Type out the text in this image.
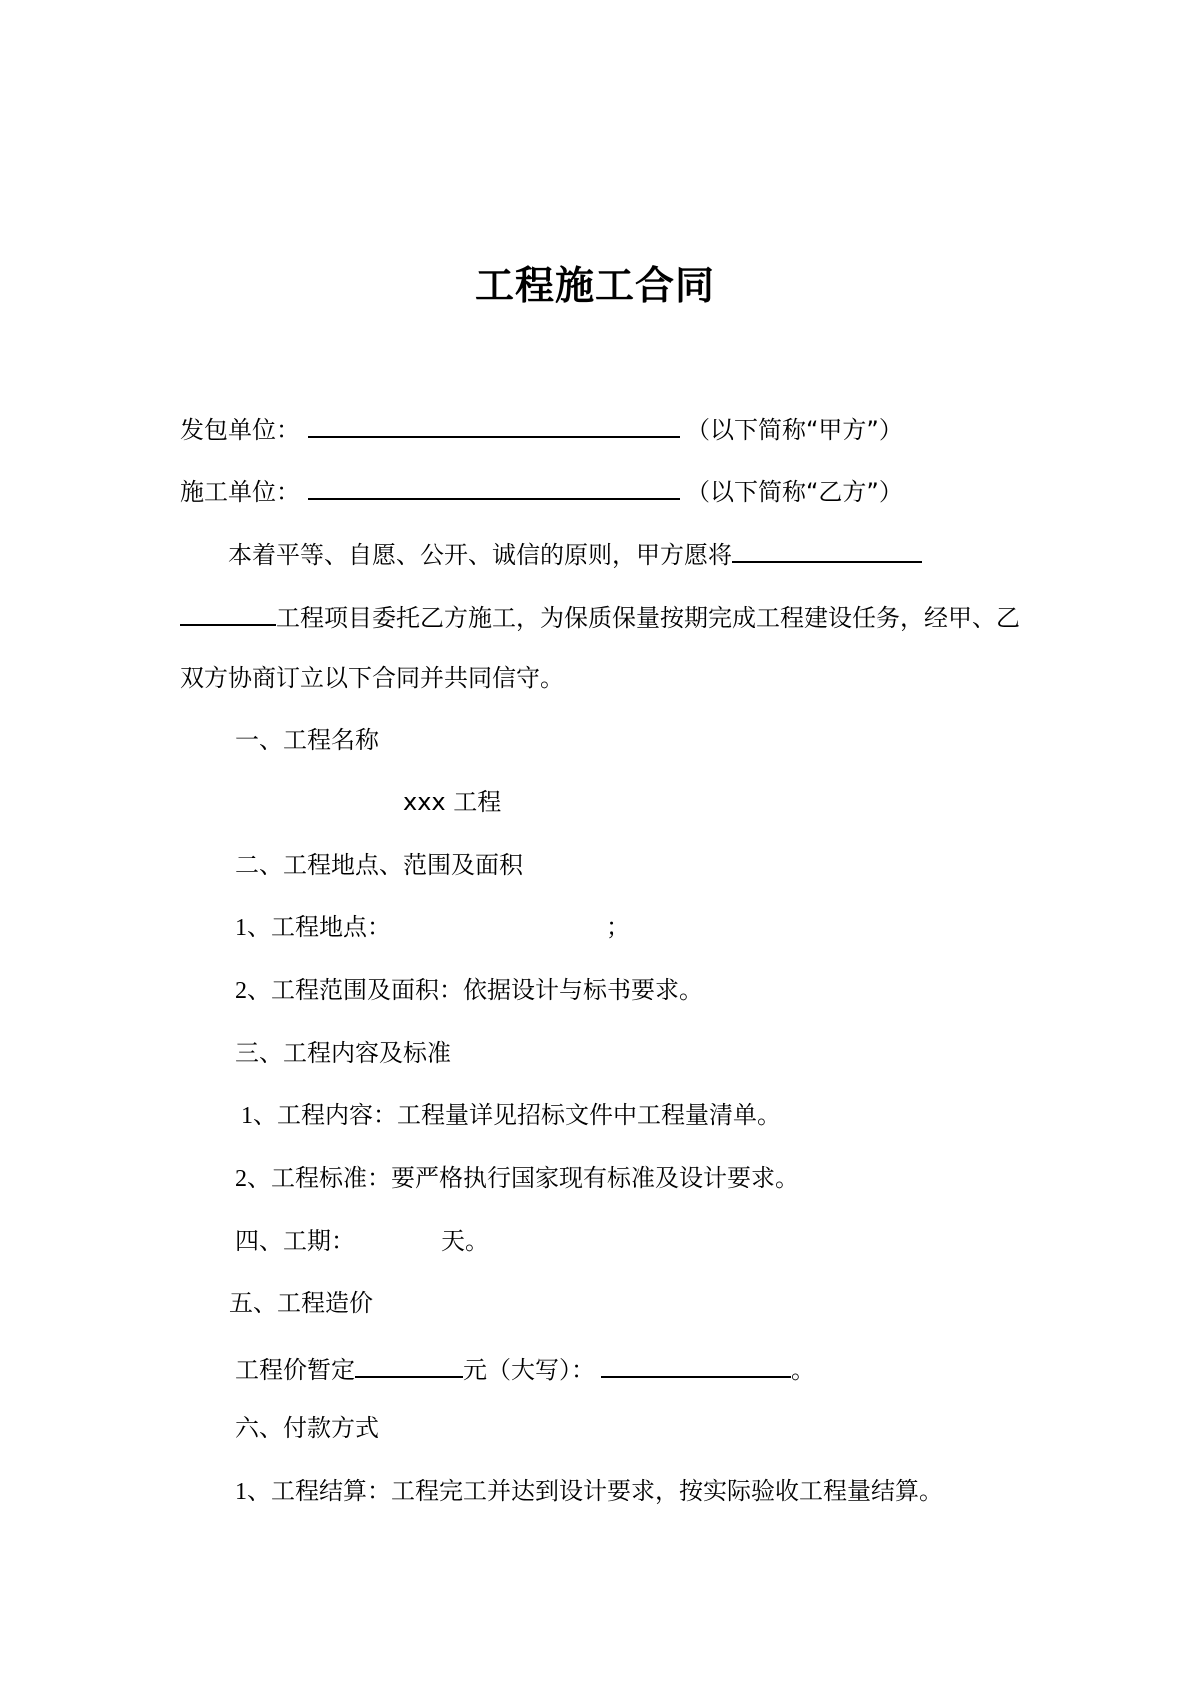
工程施工合同
发包单位：	（以下简称“甲方”）
施工单位：	（以下简称“乙方”）
本着平等、自愿、公开、诚信的原则，甲方愿将
工程项目委托乙方施工，为保质保量按期完成工程建设任务，经甲、乙
双方协商订立以下合同并共同信守。
一、工程名称
xxx 工程
二、工程地点、范围及面积
1、工程地点：	；
2、工程范围及面积：依据设计与标书要求。
三、工程内容及标准
1、工程内容：工程量详见招标文件中工程量清单。
2、工程标准：要严格执行国家现有标准及设计要求。
四、工期：	天。
五、工程造价
工程价暂定	元（大写）：	。
六、付款方式
1、工程结算：工程完工并达到设计要求，按实际验收工程量结算。
